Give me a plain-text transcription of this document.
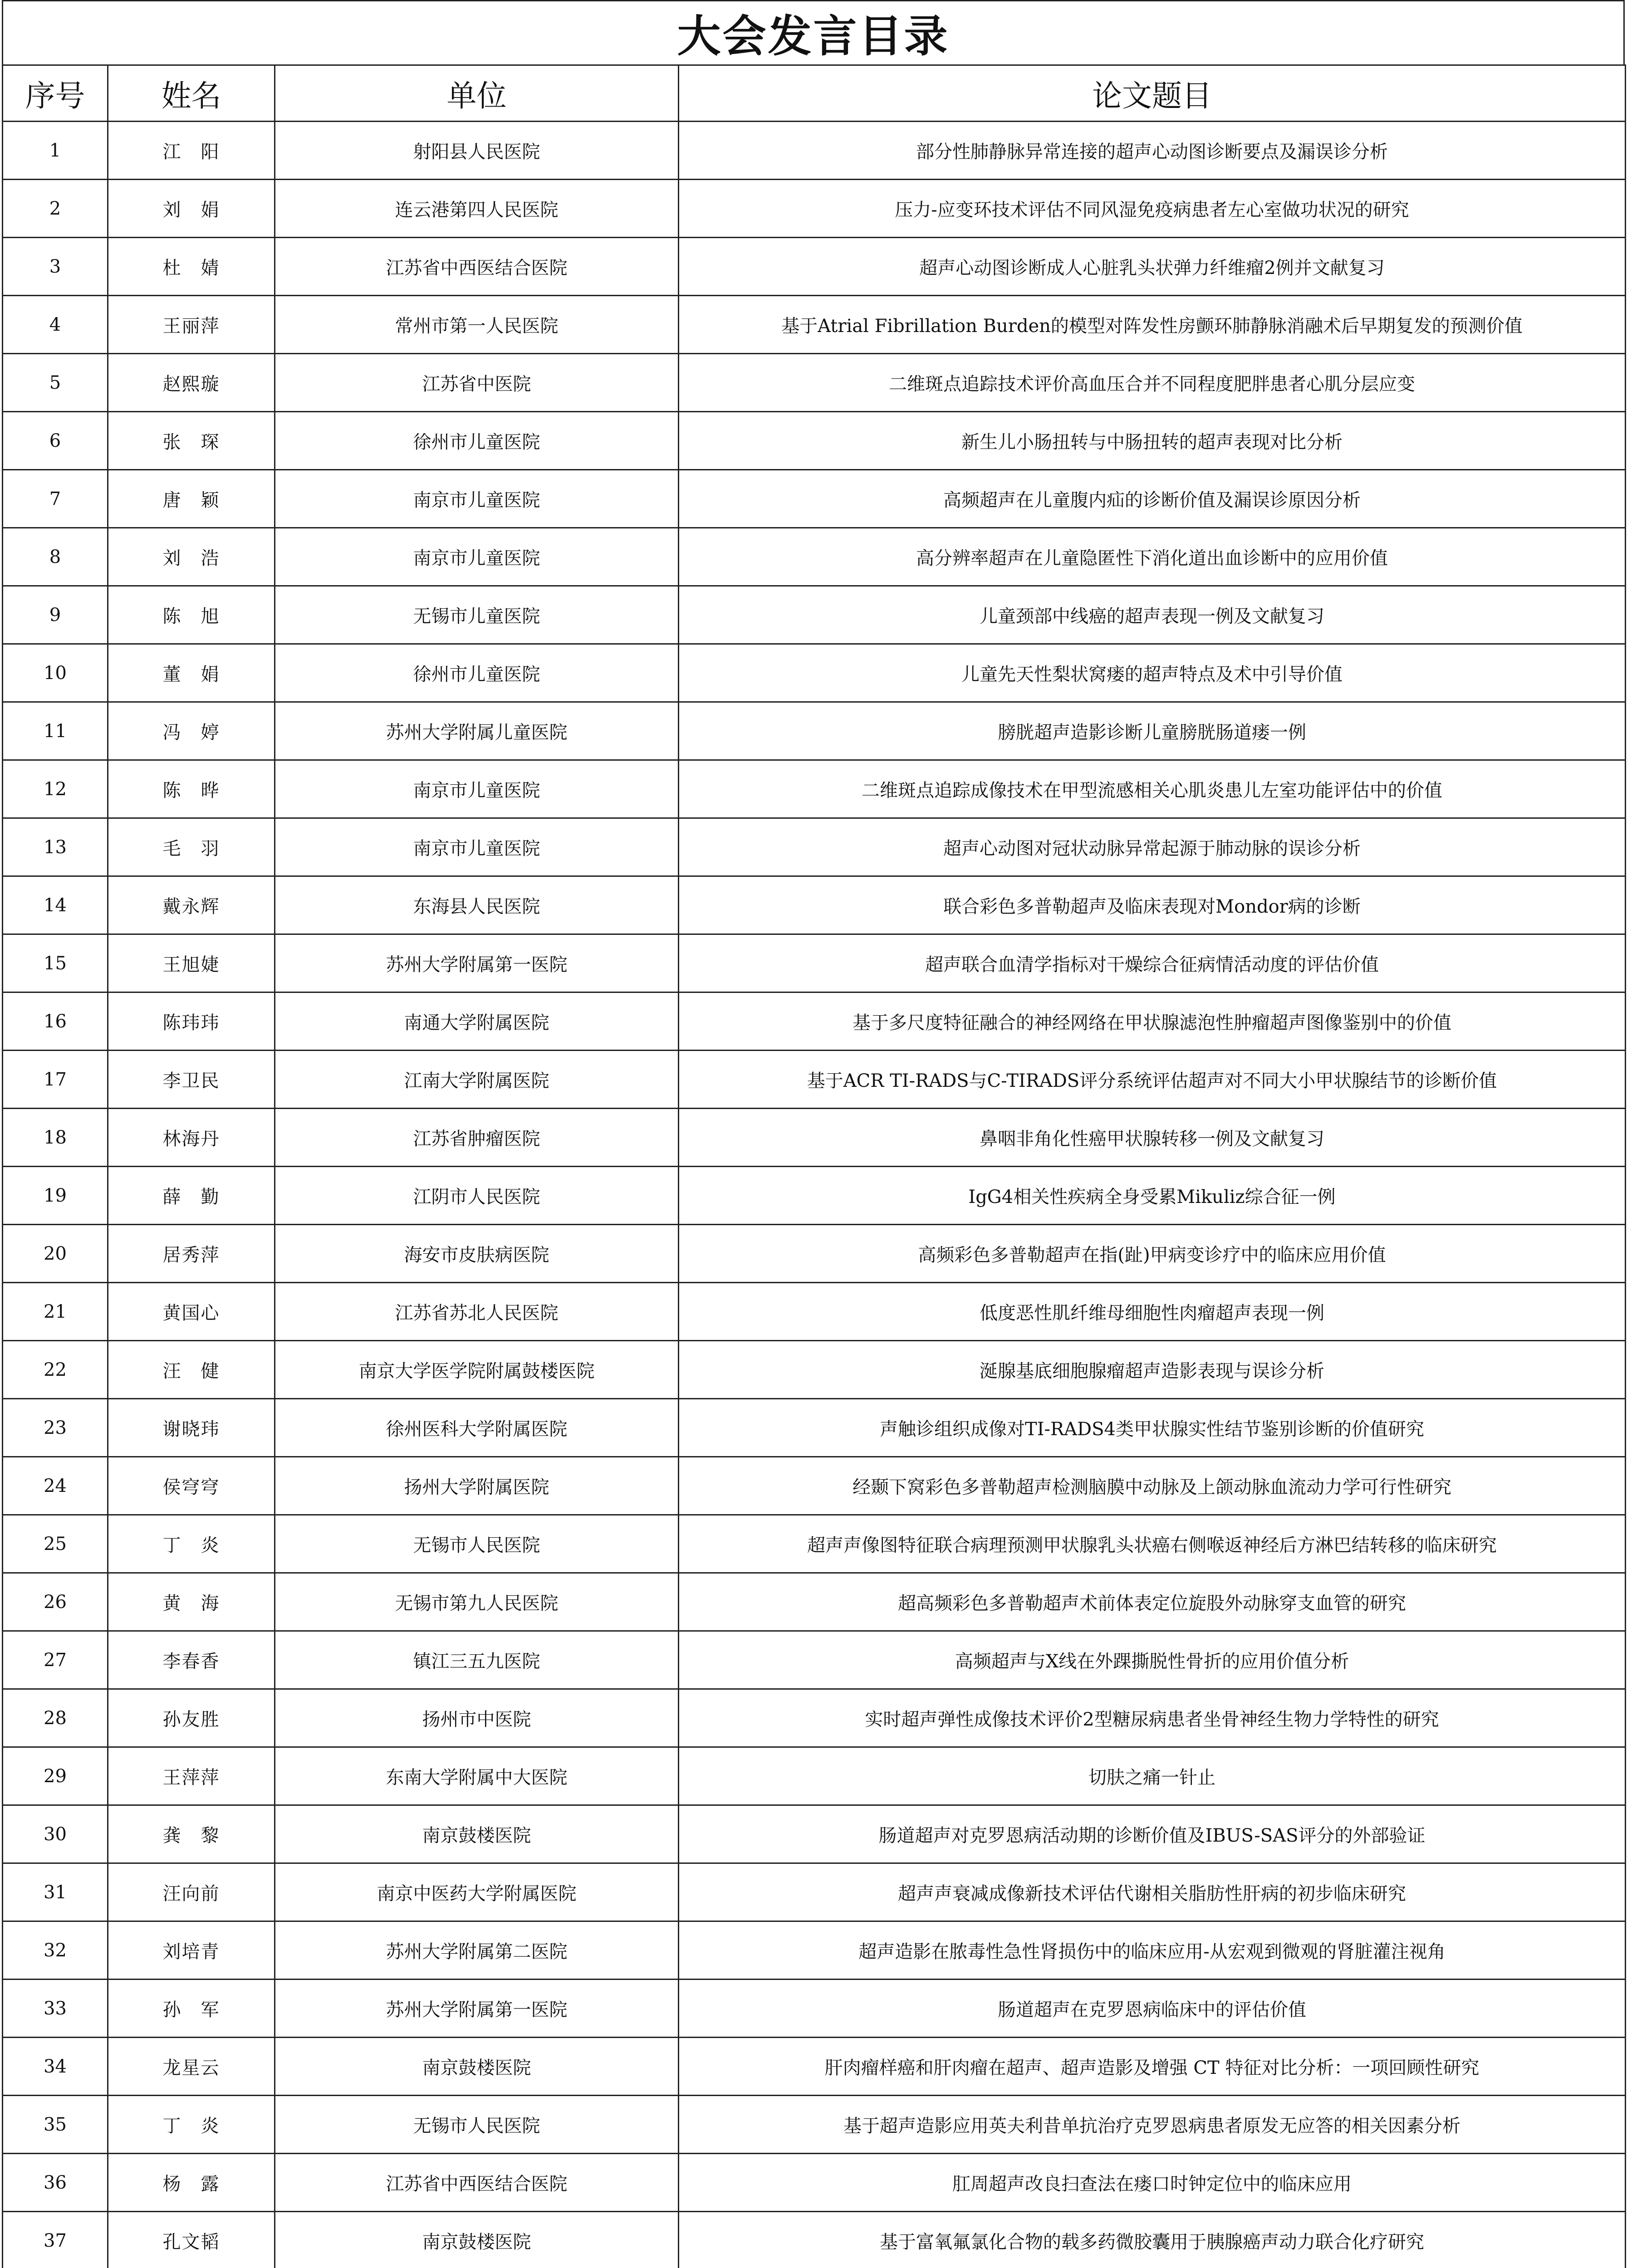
大会发言目录
序号	姓名	单位	论文题目
1	江　阳	射阳县人民医院	部分性肺静脉异常连接的超声心动图诊断要点及漏误诊分析
2	刘　娟	连云港第四人民医院	压力-应变环技术评估不同风湿免疫病患者左心室做功状况的研究
3	杜　婧	江苏省中西医结合医院	超声心动图诊断成人心脏乳头状弹力纤维瘤2例并文献复习
4	王丽萍	常州市第一人民医院	基于Atrial Fibrillation Burden的模型对阵发性房颤环肺静脉消融术后早期复发的预测价值
5	赵熙璇	江苏省中医院	二维斑点追踪技术评价高血压合并不同程度肥胖患者心肌分层应变
6	张　琛	徐州市儿童医院	新生儿小肠扭转与中肠扭转的超声表现对比分析
7	唐　颖	南京市儿童医院	高频超声在儿童腹内疝的诊断价值及漏误诊原因分析
8	刘　浩	南京市儿童医院	高分辨率超声在儿童隐匿性下消化道出血诊断中的应用价值
9	陈　旭	无锡市儿童医院	儿童颈部中线癌的超声表现一例及文献复习
10	董　娟	徐州市儿童医院	儿童先天性梨状窝瘘的超声特点及术中引导价值
11	冯　婷	苏州大学附属儿童医院	膀胱超声造影诊断儿童膀胱肠道瘘一例
12	陈　晔	南京市儿童医院	二维斑点追踪成像技术在甲型流感相关心肌炎患儿左室功能评估中的价值
13	毛　羽	南京市儿童医院	超声心动图对冠状动脉异常起源于肺动脉的误诊分析
14	戴永辉	东海县人民医院	联合彩色多普勒超声及临床表现对Mondor病的诊断
15	王旭婕	苏州大学附属第一医院	超声联合血清学指标对干燥综合征病情活动度的评估价值
16	陈玮玮	南通大学附属医院	基于多尺度特征融合的神经网络在甲状腺滤泡性肿瘤超声图像鉴别中的价值
17	李卫民	江南大学附属医院	基于ACR TI-RADS与C-TIRADS评分系统评估超声对不同大小甲状腺结节的诊断价值
18	林海丹	江苏省肿瘤医院	鼻咽非角化性癌甲状腺转移一例及文献复习
19	薛　勤	江阴市人民医院	IgG4相关性疾病全身受累Mikuliz综合征一例
20	居秀萍	海安市皮肤病医院	高频彩色多普勒超声在指(趾)甲病变诊疗中的临床应用价值
21	黄国心	江苏省苏北人民医院	低度恶性肌纤维母细胞性肉瘤超声表现一例
22	汪　健	南京大学医学院附属鼓楼医院	涎腺基底细胞腺瘤超声造影表现与误诊分析
23	谢晓玮	徐州医科大学附属医院	声触诊组织成像对TI-RADS4类甲状腺实性结节鉴别诊断的价值研究
24	侯穹穹	扬州大学附属医院	经颞下窝彩色多普勒超声检测脑膜中动脉及上颌动脉血流动力学可行性研究
25	丁　炎	无锡市人民医院	超声声像图特征联合病理预测甲状腺乳头状癌右侧喉返神经后方淋巴结转移的临床研究
26	黄　海	无锡市第九人民医院	超高频彩色多普勒超声术前体表定位旋股外动脉穿支血管的研究
27	李春香	镇江三五九医院	高频超声与X线在外踝撕脱性骨折的应用价值分析
28	孙友胜	扬州市中医院	实时超声弹性成像技术评价2型糖尿病患者坐骨神经生物力学特性的研究
29	王萍萍	东南大学附属中大医院	切肤之痛一针止
30	龚　黎	南京鼓楼医院	肠道超声对克罗恩病活动期的诊断价值及IBUS-SAS评分的外部验证
31	汪向前	南京中医药大学附属医院	超声声衰减成像新技术评估代谢相关脂肪性肝病的初步临床研究
32	刘培青	苏州大学附属第二医院	超声造影在脓毒性急性肾损伤中的临床应用-从宏观到微观的肾脏灌注视角
33	孙　军	苏州大学附属第一医院	肠道超声在克罗恩病临床中的评估价值
34	龙星云	南京鼓楼医院	肝肉瘤样癌和肝肉瘤在超声、超声造影及增强 CT 特征对比分析：一项回顾性研究
35	丁　炎	无锡市人民医院	基于超声造影应用英夫利昔单抗治疗克罗恩病患者原发无应答的相关因素分析
36	杨　露	江苏省中西医结合医院	肛周超声改良扫查法在瘘口时钟定位中的临床应用
37	孔文韬	南京鼓楼医院	基于富氧氟氯化合物的载多药微胶囊用于胰腺癌声动力联合化疗研究
